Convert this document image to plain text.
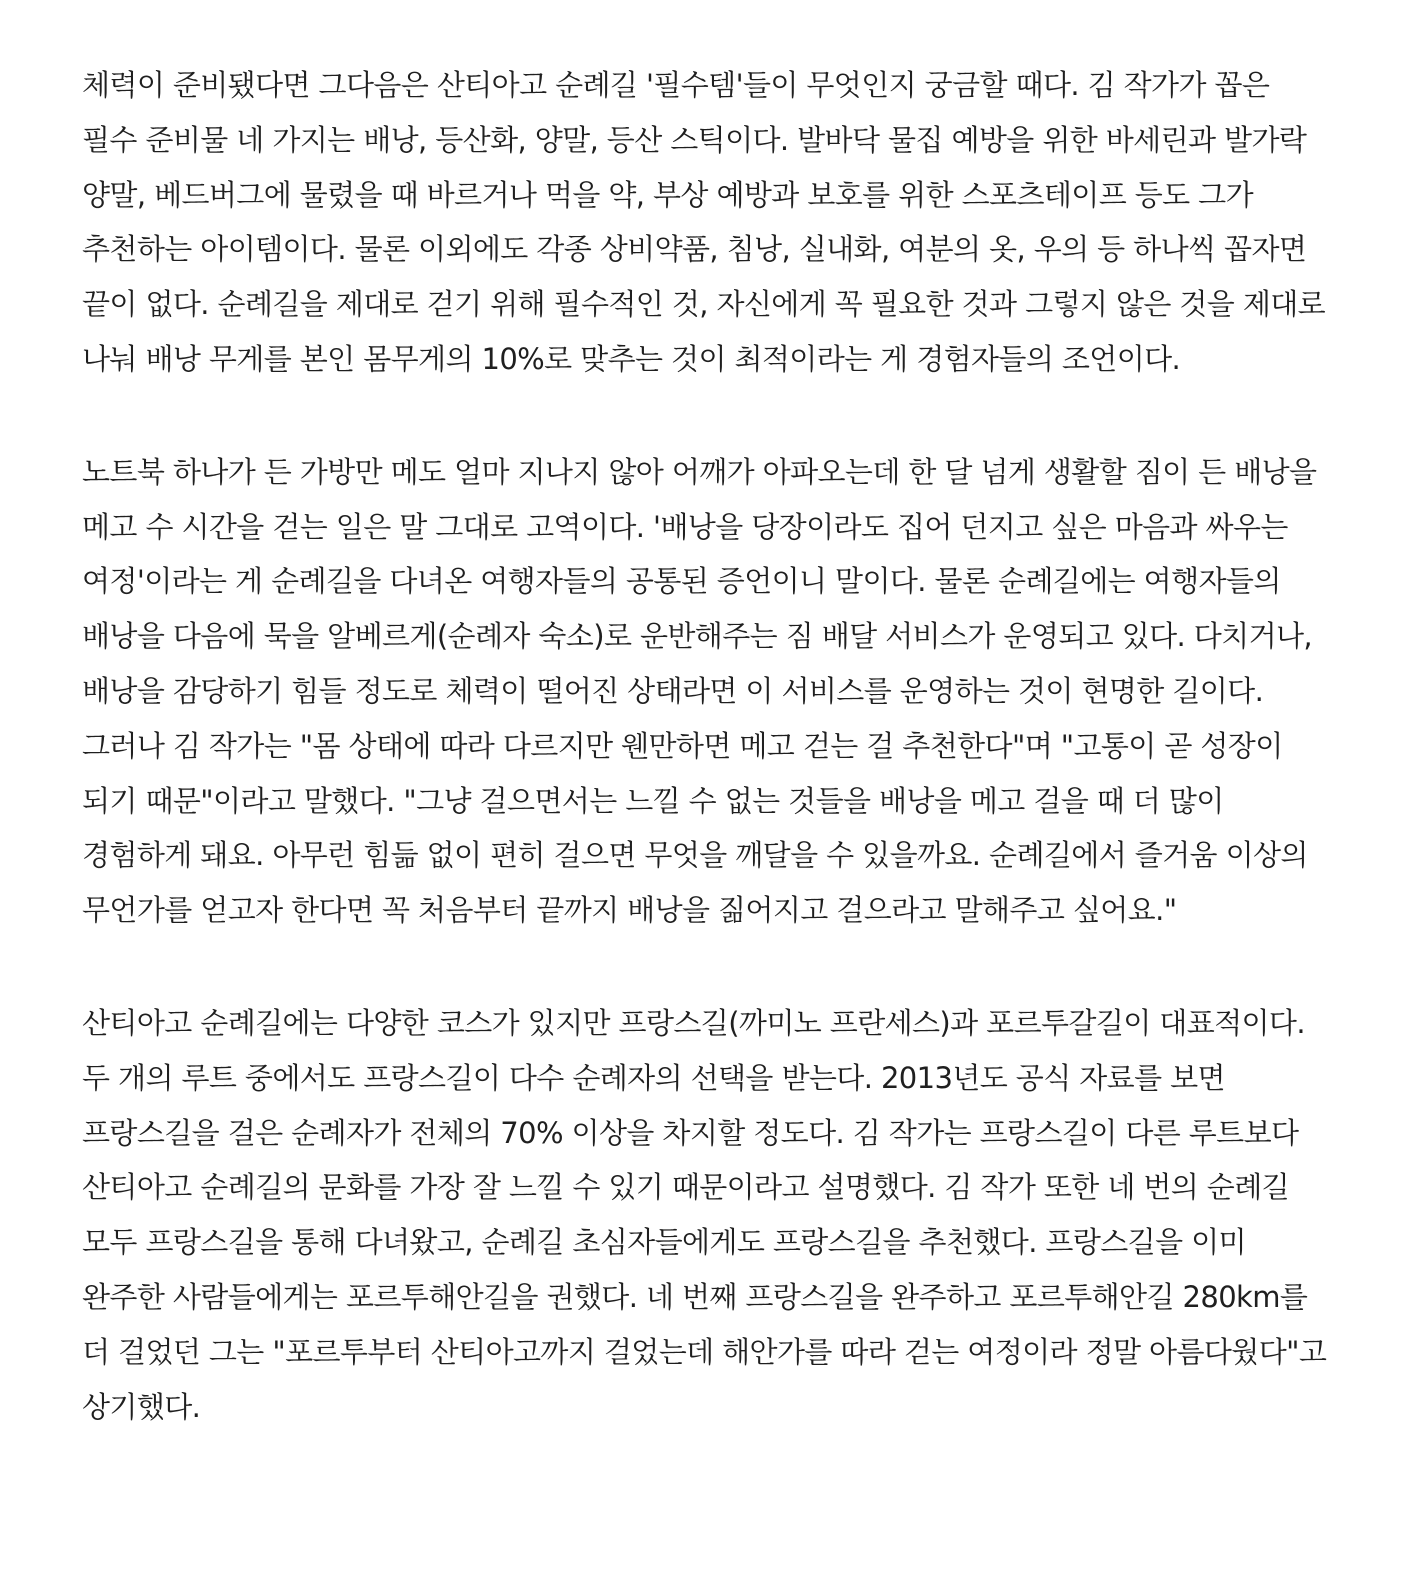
체력이 준비됐다면 그다음은 산티아고 순례길 '필수템'들이 무엇인지 궁금할 때다. 김 작가가 꼽은 필수 준비물 네 가지는 배낭, 등산화, 양말, 등산 스틱이다. 발바닥 물집 예방을 위한 바세린과 발가락 양말, 베드버그에 물렸을 때 바르거나 먹을 약, 부상 예방과 보호를 위한 스포츠테이프 등도 그가 추천하는 아이템이다. 물론 이외에도 각종 상비약품, 침낭, 실내화, 여분의 옷, 우의 등 하나씩 꼽자면 끝이 없다. 순례길을 제대로 걷기 위해 필수적인 것, 자신에게 꼭 필요한 것과 그렇지 않은 것을 제대로 나눠 배낭 무게를 본인 몸무게의 10%로 맞추는 것이 최적이라는 게 경험자들의 조언이다.

노트북 하나가 든 가방만 메도 얼마 지나지 않아 어깨가 아파오는데 한 달 넘게 생활할 짐이 든 배낭을 메고 수 시간을 걷는 일은 말 그대로 고역이다. '배낭을 당장이라도 집어 던지고 싶은 마음과 싸우는 여정'이라는 게 순례길을 다녀온 여행자들의 공통된 증언이니 말이다. 물론 순례길에는 여행자들의 배낭을 다음에 묵을 알베르게(순례자 숙소)로 운반해주는 짐 배달 서비스가 운영되고 있다. 다치거나, 배낭을 감당하기 힘들 정도로 체력이 떨어진 상태라면 이 서비스를 운영하는 것이 현명한 길이다. 그러나 김 작가는 "몸 상태에 따라 다르지만 웬만하면 메고 걷는 걸 추천한다"며 "고통이 곧 성장이 되기 때문"이라고 말했다. "그냥 걸으면서는 느낄 수 없는 것들을 배낭을 메고 걸을 때 더 많이 경험하게 돼요. 아무런 힘듦 없이 편히 걸으면 무엇을 깨달을 수 있을까요. 순례길에서 즐거움 이상의 무언가를 얻고자 한다면 꼭 처음부터 끝까지 배낭을 짊어지고 걸으라고 말해주고 싶어요."

산티아고 순례길에는 다양한 코스가 있지만 프랑스길(까미노 프란세스)과 포르투갈길이 대표적이다. 두 개의 루트 중에서도 프랑스길이 다수 순례자의 선택을 받는다. 2013년도 공식 자료를 보면 프랑스길을 걸은 순례자가 전체의 70% 이상을 차지할 정도다. 김 작가는 프랑스길이 다른 루트보다 산티아고 순례길의 문화를 가장 잘 느낄 수 있기 때문이라고 설명했다. 김 작가 또한 네 번의 순례길 모두 프랑스길을 통해 다녀왔고, 순례길 초심자들에게도 프랑스길을 추천했다. 프랑스길을 이미 완주한 사람들에게는 포르투해안길을 권했다. 네 번째 프랑스길을 완주하고 포르투해안길 280km를 더 걸었던 그는 "포르투부터 산티아고까지 걸었는데 해안가를 따라 걷는 여정이라 정말 아름다웠다"고 상기했다.
